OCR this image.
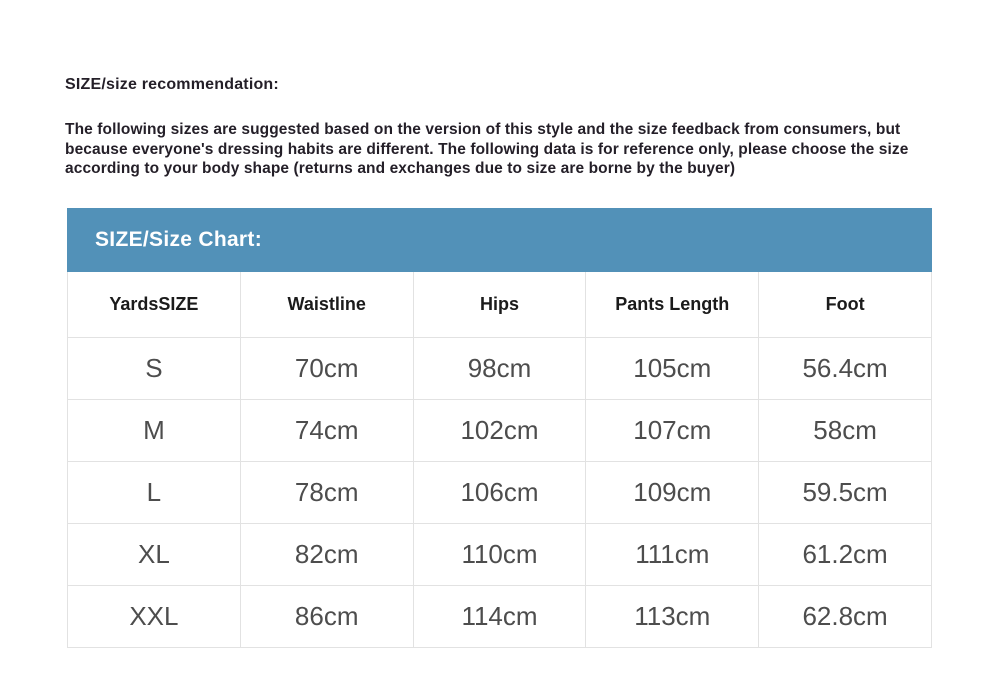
SIZE/size recommendation:
The following sizes are suggested based on the version of this style and the size feedback from consumers, but because everyone's dressing habits are different. The following data is for reference only, please choose the size according to your body shape (returns and exchanges due to size are borne by the buyer)
SIZE/Size Chart:
YardsSIZE	Waistline	Hips	Pants Length	Foot
S	70cm	98cm	105cm	56.4cm
M	74cm	102cm	107cm	58cm
L	78cm	106cm	109cm	59.5cm
XL	82cm	110cm	111cm	61.2cm
XXL	86cm	114cm	113cm	62.8cm
